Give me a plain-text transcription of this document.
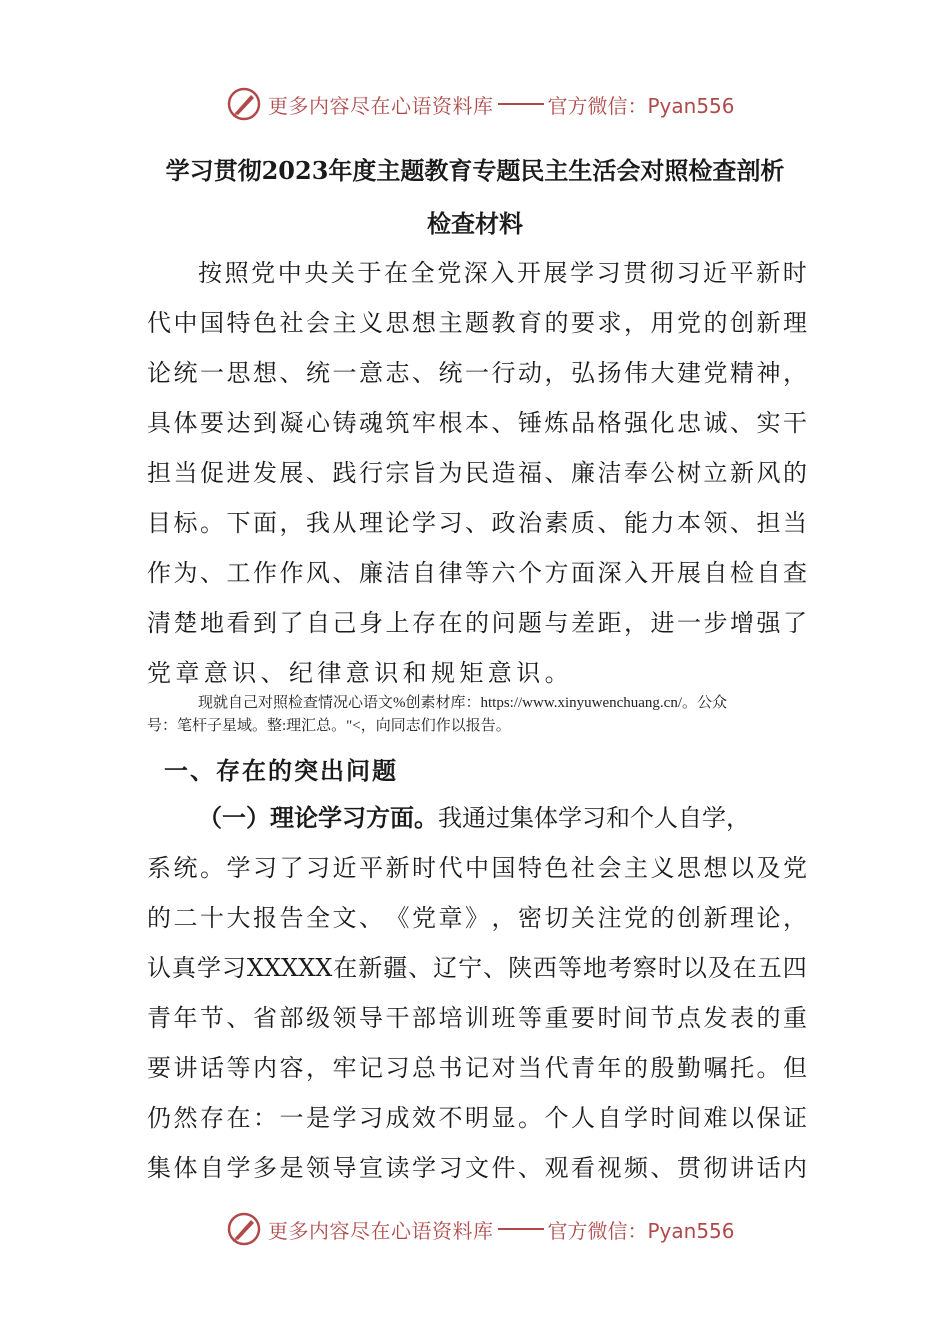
更多内容尽在心语资料库	官方微信：Pyan556
学习贯彻2023年度主题教育专题民主生活会对照检查剖析
检查材料
按 照 党 中 央 关 于 在 全 党 深 入 开 展 学 习 贯 彻 习 近 平 新 时
代 中 国 特 色 社 会 主 义 思 想 主 题 教 育 的 要 求 ， 用 党 的 创 新 理
论 统 一 思 想 、 统 一 意 志 、 统 一 行 动 ， 弘 扬 伟 大 建 党 精 神 ，
具 体 要 达 到 凝 心 铸 魂 筑 牢 根 本 、 锤 炼 品 格 强 化 忠 诚 、 实 干
担 当 促 进 发 展 、 践 行 宗 旨 为 民 造 福 、 廉 洁 奉 公 树 立 新 风 的
目 标 。 下 面 ， 我 从 理 论 学 习 、 政 治 素 质 、 能 力 本 领 、 担 当
作 为 、 工 作 作 风 、 廉 洁 自 律 等 六 个 方 面 深 入 开 展 自 检 自 查
清 楚 地 看 到 了 自 己 身 上 存 在 的 问 题 与 差 距 ， 进 一 步 增 强 了
党章意识、纪律意识和规矩意识。
现就自己对照检查情况心语文%创素材库：https://www.xinyuwenchuang.cn/。公众
号：笔杆子星域。整:理汇总。"<，向同志们作以报告。
一、存在的突出问题
（一）理论学习方面。我通过集体学习和个人自学，
系 统 。 学 习 了 习 近 平 新 时 代 中 国 特 色 社 会 主 义 思 想 以 及 党
的 二 十 大 报 告 全 文 、 《 党 章 》 ， 密 切 关 注 党 的 创 新 理 论 ，
认 真 学 习 XXXXX 在 新 疆 、 辽 宁 、 陕 西 等 地 考 察 时 以 及 在 五 四
青 年 节 、 省 部 级 领 导 干 部 培 训 班 等 重 要 时 间 节 点 发 表 的 重
要 讲 话 等 内 容 ， 牢 记 习 总 书 记 对 当 代 青 年 的 殷 勤 嘱 托 。 但
仍 然 存 在 ： 一 是 学 习 成 效 不 明 显 。 个 人 自 学 时 间 难 以 保 证
集 体 自 学 多 是 领 导 宣 读 学 习 文 件 、 观 看 视 频 、 贯 彻 讲 话 内
更多内容尽在心语资料库	官方微信：Pyan556
